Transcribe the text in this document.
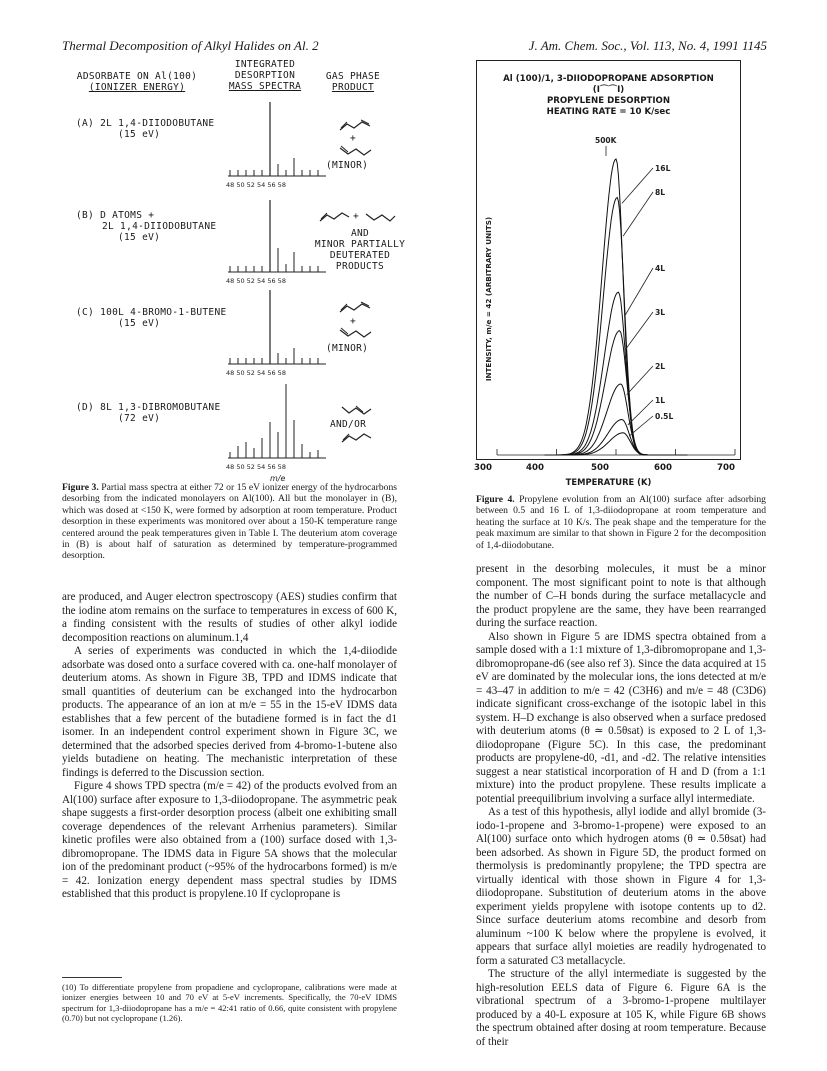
Thermal Decomposition of Alkyl Halides on Al. 2	J. Am. Chem. Soc., Vol. 113, No. 4, 1991 1145
ADSORBATE ON Al(100)
(IONIZER ENERGY)
INTEGRATED
DESORPTION
MASS SPECTRA
GAS PHASE
PRODUCT
(A) 2L 1,4-DIIODOBUTANE
(15 eV)
48 50 52 54 56 58
+
(MINOR)
(B) D ATOMS +
2L 1,4-DIIODOBUTANE
(15 eV)
48 50 52 54 56 58
+
AND
MINOR PARTIALLY
DEUTERATED
PRODUCTS
(C) 100L 4-BROMO-1-BUTENE
(15 eV)
48 50 52 54 56 58
+
(MINOR)
(D) 8L 1,3-DIBROMOBUTANE
(72 eV)
48 50 52 54 56 58
m/e
AND/OR
Figure 3. Partial mass spectra at either 72 or 15 eV ionizer energy of the hydrocarbons desorbing from the indicated monolayers on Al(100). All but the monolayer in (B), which was dosed at <150 K, were formed by adsorption at room temperature. Product desorption in these experiments was monitored over about a 150-K temperature range centered around the peak temperatures given in Table I. The deuterium atom coverage in (B) is about half of saturation as determined by temperature-programmed desorption.
Al (100)/1, 3-DIIODOPROPANE ADSORPTION
(I⌒⌒I)
PROPYLENE DESORPTION
HEATING RATE = 10 K/sec
INTENSITY, m/e = 42 (ARBITRARY UNITS)
500K
16L
8L
4L
3L
2L
1L
0.5L
300	400	500	600	700
TEMPERATURE (K)
Figure 4. Propylene evolution from an Al(100) surface after adsorbing between 0.5 and 16 L of 1,3-diiodopropane at room temperature and heating the surface at 10 K/s. The peak shape and the temperature for the peak maximum are similar to that shown in Figure 2 for the decomposition of 1,4-diiodobutane.

are produced, and Auger electron spectroscopy (AES) studies confirm that the iodine atom remains on the surface to temperatures in excess of 600 K, a finding consistent with the results of studies of other alkyl iodide decomposition reactions on aluminum.1,4

A series of experiments was conducted in which the 1,4-diiodide adsorbate was dosed onto a surface covered with ca. one-half monolayer of deuterium atoms. As shown in Figure 3B, TPD and IDMS indicate that small quantities of deuterium can be exchanged into the hydrocarbon products. The appearance of an ion at m/e = 55 in the 15-eV IDMS data establishes that a few percent of the butadiene formed is in fact the d1 isomer. In an independent control experiment shown in Figure 3C, we determined that the adsorbed species derived from 4-bromo-1-butene also yields butadiene on heating. The mechanistic interpretation of these findings is deferred to the Discussion section.

Figure 4 shows TPD spectra (m/e = 42) of the products evolved from an Al(100) surface after exposure to 1,3-diiodopropane. The asymmetric peak shape suggests a first-order desorption process (albeit one exhibiting small coverage dependences of the relevant Arrhenius parameters). Similar kinetic profiles were also obtained from a (100) surface dosed with 1,3-dibromopropane. The IDMS data in Figure 5A shows that the molecular ion of the predominant product (~95% of the hydrocarbons formed) is m/e = 42. Ionization energy dependent mass spectral studies by IDMS established that this product is propylene.10 If cyclopropane is

(10) To differentiate propylene from propadiene and cyclopropane, calibrations were made at ionizer energies between 10 and 70 eV at 5-eV increments. Specifically, the 70-eV IDMS spectrum for 1,3-diiodopropane has a m/e = 42:41 ratio of 0.66, quite consistent with propylene (0.70) but not cyclopropane (1.26).

present in the desorbing molecules, it must be a minor component. The most significant point to note is that although the number of C–H bonds during the surface metallacycle and the product propylene are the same, they have been rearranged during the surface reaction.

Also shown in Figure 5 are IDMS spectra obtained from a sample dosed with a 1:1 mixture of 1,3-dibromopropane and 1,3-dibromopropane-d6 (see also ref 3). Since the data acquired at 15 eV are dominated by the molecular ions, the ions detected at m/e = 43–47 in addition to m/e = 42 (C3H6) and m/e = 48 (C3D6) indicate significant cross-exchange of the isotopic label in this system. H–D exchange is also observed when a surface predosed with deuterium atoms (θ ≃ 0.5θsat) is exposed to 2 L of 1,3-diiodopropane (Figure 5C). In this case, the predominant products are propylene-d0, -d1, and -d2. The relative intensities suggest a near statistical incorporation of H and D (from a 1:1 mixture) into the product propylene. These results implicate a potential preequilibrium involving a surface allyl intermediate.

As a test of this hypothesis, allyl iodide and allyl bromide (3-iodo-1-propene and 3-bromo-1-propene) were exposed to an Al(100) surface onto which hydrogen atoms (θ ≃ 0.5θsat) had been adsorbed. As shown in Figure 5D, the product formed on thermolysis is predominantly propylene; the TPD spectra are virtually identical with those shown in Figure 4 for 1,3-diiodopropane. Substitution of deuterium atoms in the above experiment yields propylene with isotope contents up to d2. Since surface deuterium atoms recombine and desorb from aluminum ~100 K below where the propylene is evolved, it appears that surface allyl moieties are readily hydrogenated to form a saturated C3 metallacycle.

The structure of the allyl intermediate is suggested by the high-resolution EELS data of Figure 6. Figure 6A is the vibrational spectrum of a 3-bromo-1-propene multilayer produced by a 40-L exposure at 105 K, while Figure 6B shows the spectrum obtained after dosing at room temperature. Because of their
